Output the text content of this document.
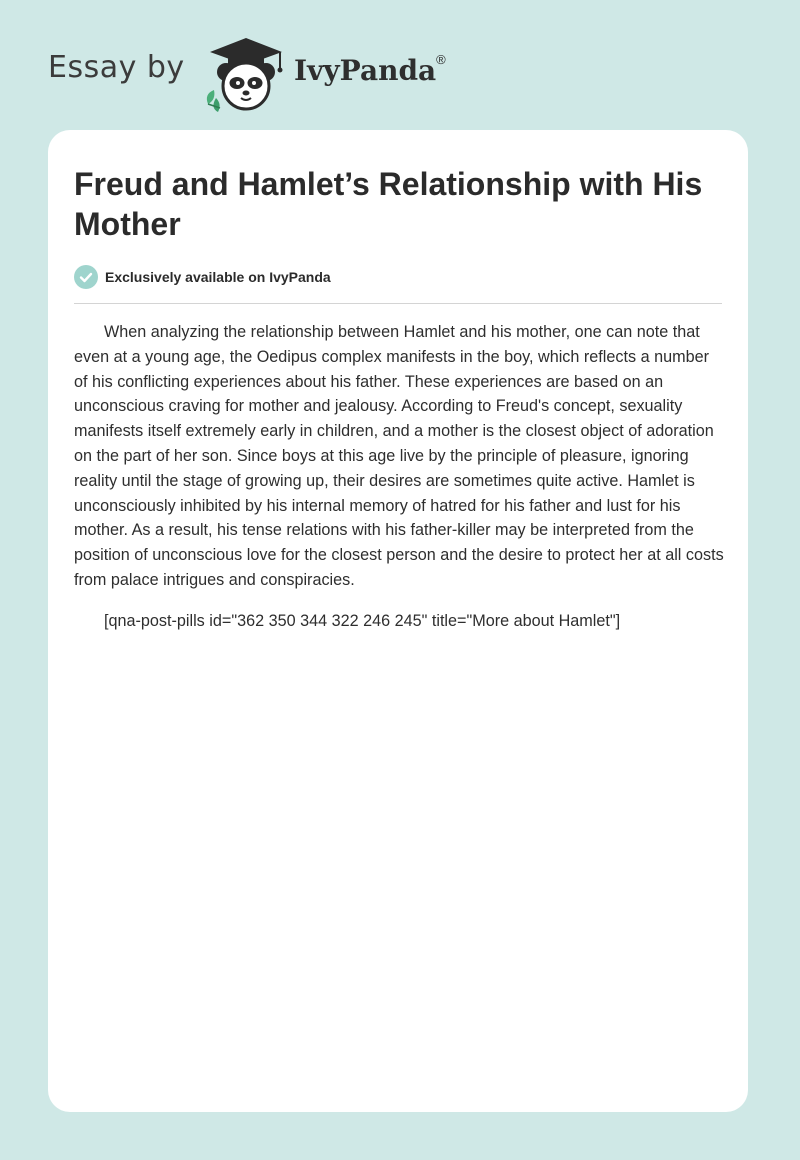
Essay by	IvyPanda®
Freud and Hamlet’s Relationship with His Mother
Exclusively available on IvyPanda

When analyzing the relationship between Hamlet and his mother, one can note that even at a young age, the Oedipus complex manifests in the boy, which reflects a number of his conflicting experiences about his father. These experiences are based on an unconscious craving for mother and jealousy. According to Freud's concept, sexuality manifests itself extremely early in children, and a mother is the closest object of adoration on the part of her son. Since boys at this age live by the principle of pleasure, ignoring reality until the stage of growing up, their desires are sometimes quite active. Hamlet is unconsciously inhibited by his internal memory of hatred for his father and lust for his mother. As a result, his tense relations with his father-killer may be interpreted from the position of unconscious love for the closest person and the desire to protect her at all costs from palace intrigues and conspiracies.

[qna-post-pills id="362 350 344 322 246 245" title="More about Hamlet"]
